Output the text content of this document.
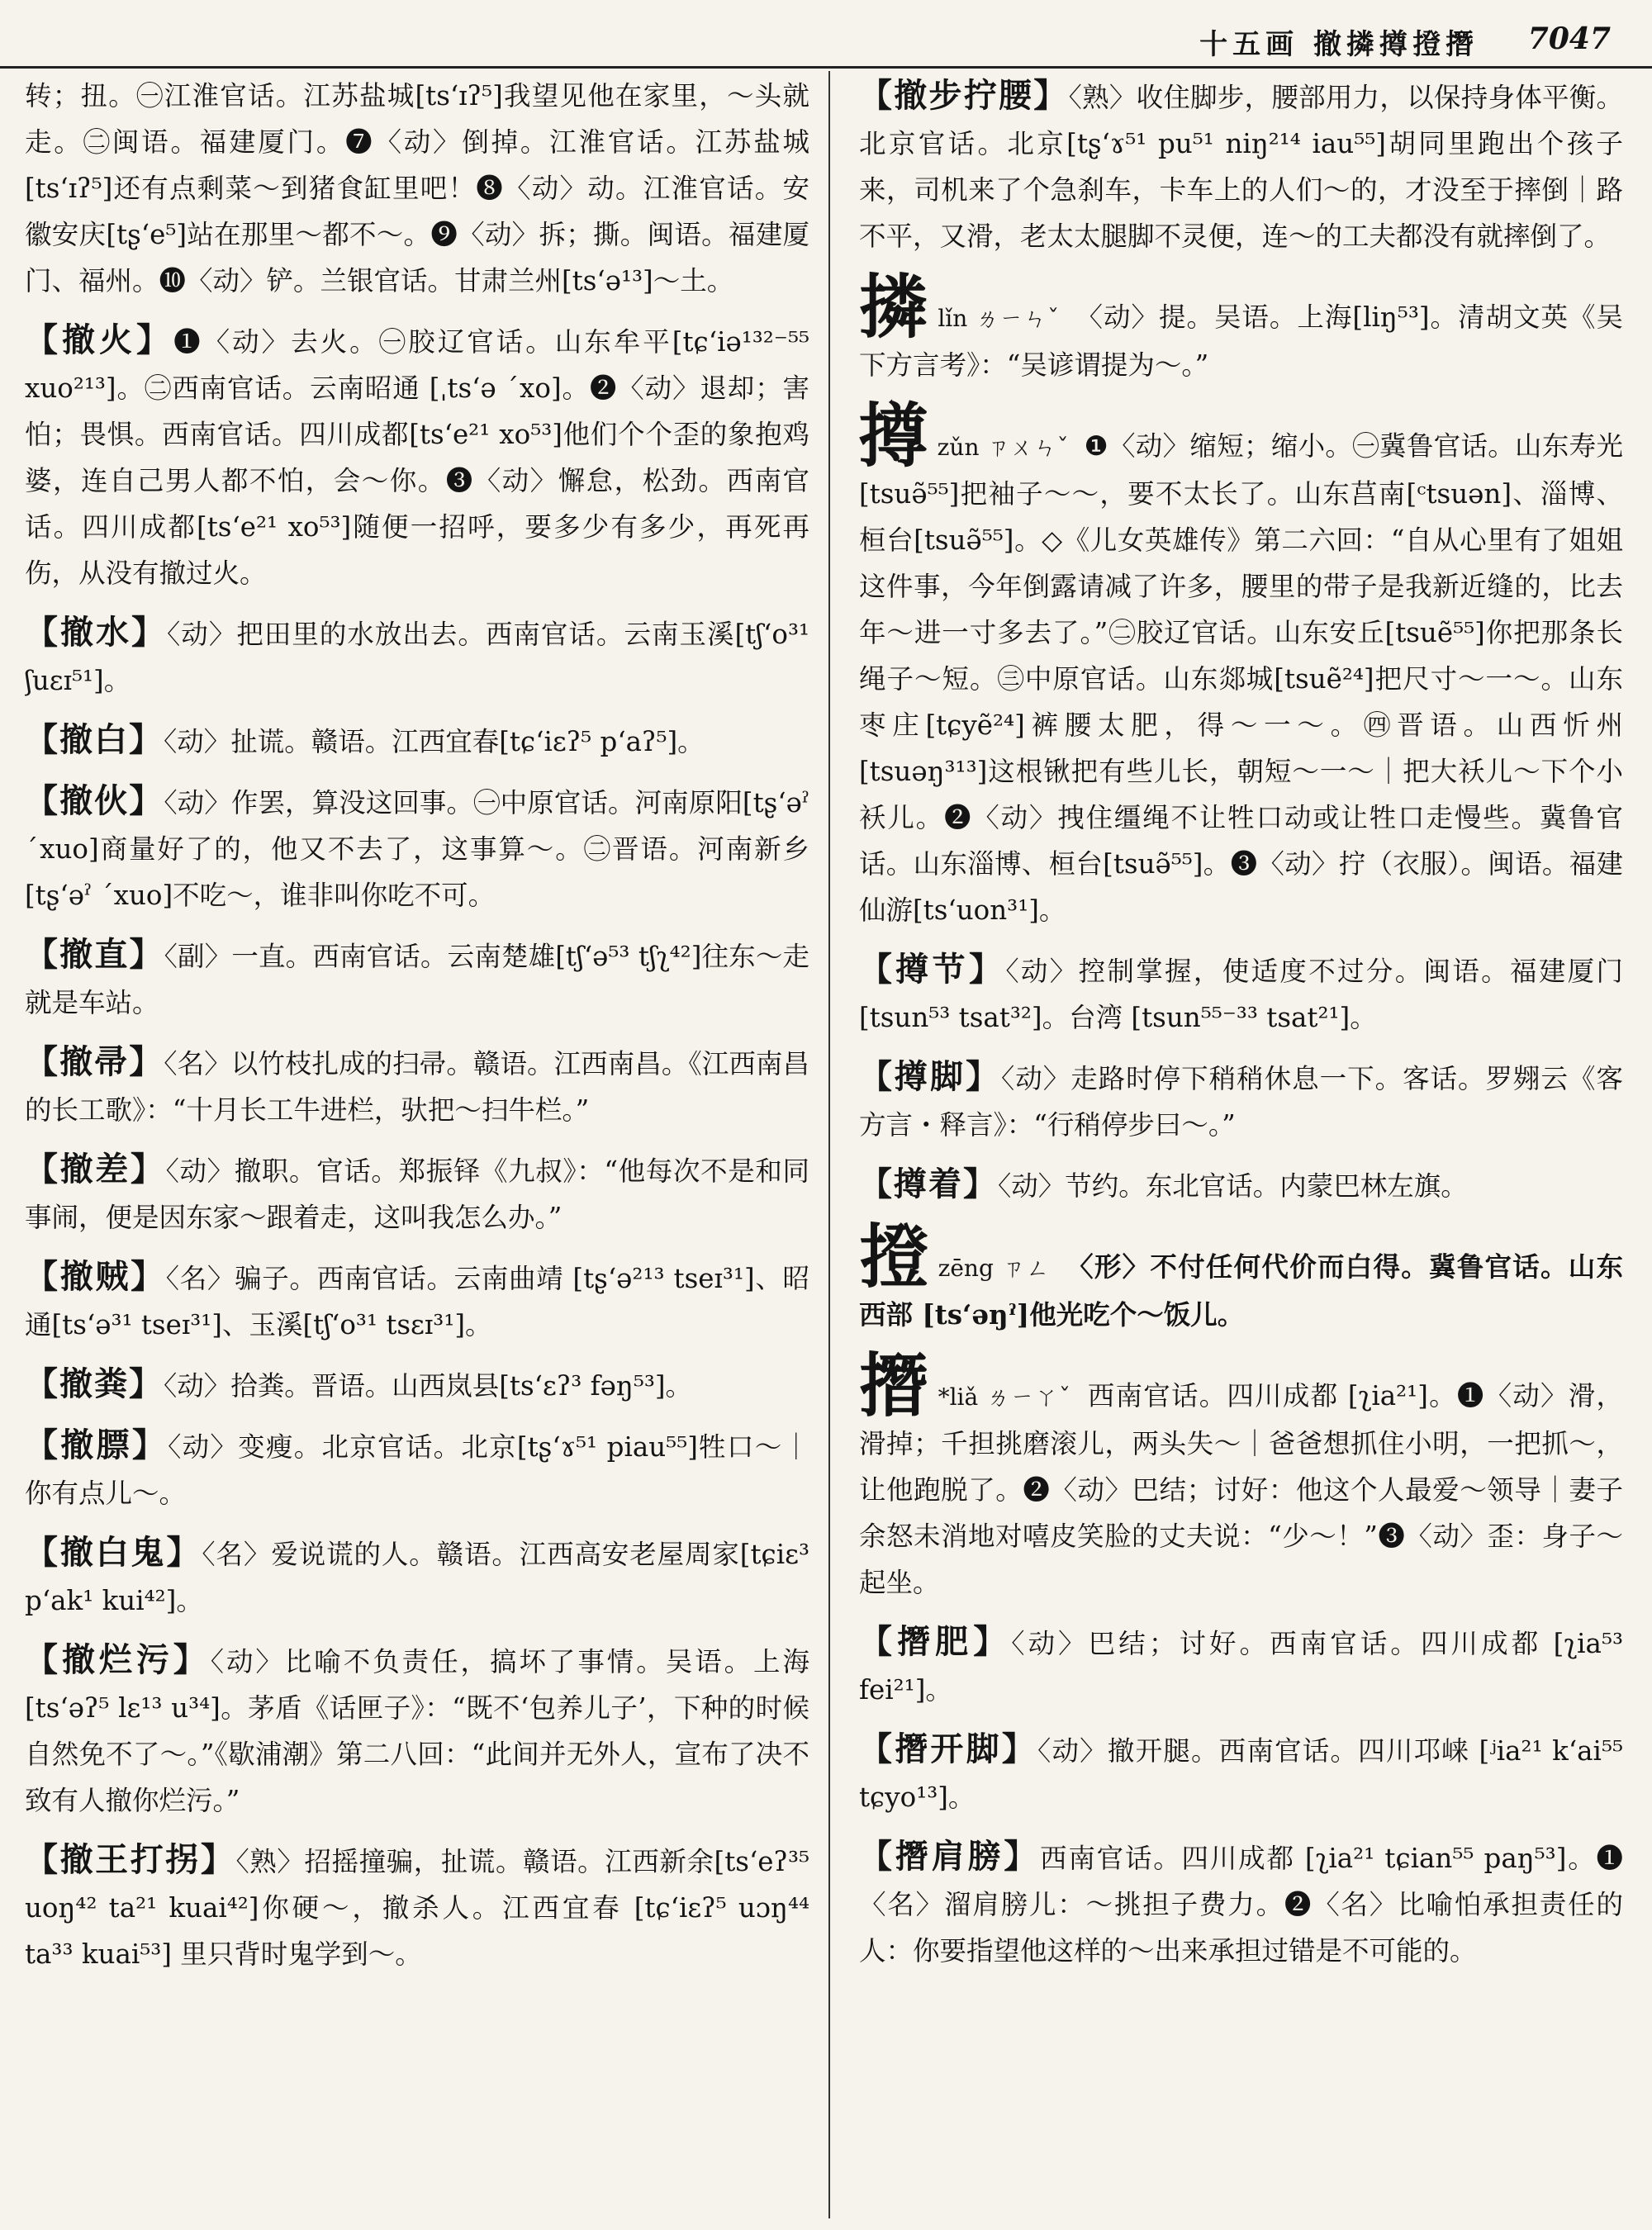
十五画 撤撛撙撜撍 7047
转；扭。㊀江淮官话。江苏盐城[tsʻɪʔ⁵]我望见他在家里，～头就走。㊁闽语。福建厦门。❼〈动〉倒掉。江淮官话。江苏盐城[tsʻɪʔ⁵]还有点剩菜～到猪食缸里吧！❽〈动〉动。江淮官话。安徽安庆[tʂʻe⁵]站在那里～都不～。❾〈动〉拆；撕。闽语。福建厦门、福州。❿〈动〉铲。兰银官话。甘肃兰州[tsʻə¹³]～土。
【撤火】❶〈动〉去火。㊀胶辽官话。山东牟平[tɕʻiə¹³²⁻⁵⁵ xuo²¹³]。㊁西南官话。云南昭通 [ˌtsʻə ˊxo]。❷〈动〉退却；害怕；畏惧。西南官话。四川成都[tsʻe²¹ xo⁵³]他们个个歪的象抱鸡婆，连自己男人都不怕，会～你。❸〈动〉懈怠，松劲。西南官话。四川成都[tsʻe²¹ xo⁵³]随便一招呼，要多少有多少，再死再伤，从没有撤过火。
【撤水】〈动〉把田里的水放出去。西南官话。云南玉溪[tʃʻo³¹ ʃuɛɪ⁵¹]。
【撤白】〈动〉扯谎。赣语。江西宜春[tɕʻiɛʔ⁵ pʻaʔ⁵]。
【撤伙】〈动〉作罢，算没这回事。㊀中原官话。河南原阳[tʂʻəˀ ˊxuo]商量好了的，他又不去了，这事算～。㊁晋语。河南新乡[tʂʻəˀ ˊxuo]不吃～，谁非叫你吃不可。
【撤直】〈副〉一直。西南官话。云南楚雄[tʃʻə⁵³ tʃʅ⁴²]往东～走就是车站。
【撤帚】〈名〉以竹枝扎成的扫帚。赣语。江西南昌。《江西南昌的长工歌》：“十月长工牛进栏，驮把～扫牛栏。”
【撤差】〈动〉撤职。官话。郑振铎《九叔》：“他每次不是和同事闹，便是因东家～跟着走，这叫我怎么办。”
【撤贼】〈名〉骗子。西南官话。云南曲靖 [tʂʻə²¹³ tseɪ³¹]、昭通[tsʻə³¹ tseɪ³¹]、玉溪[tʃʻo³¹ tsɛɪ³¹]。
【撤粪】〈动〉拾粪。晋语。山西岚县[tsʻɛʔ³ fəŋ⁵³]。
【撤膘】〈动〉变瘦。北京官话。北京[tʂʻɤ⁵¹ piau⁵⁵]牲口～｜你有点儿～。
【撤白鬼】〈名〉爱说谎的人。赣语。江西高安老屋周家[tɕiɛ³ pʻak¹ kui⁴²]。
【撤烂污】〈动〉比喻不负责任，搞坏了事情。吴语。上海 [tsʻəʔ⁵ lɛ¹³ u³⁴]。茅盾《话匣子》：“既不‘包养儿子’，下种的时候自然免不了～。”《歇浦潮》第二八回：“此间并无外人，宣布了决不致有人撤你烂污。”
【撤王打拐】〈熟〉招摇撞骗，扯谎。赣语。江西新余[tsʻeʔ³⁵ uoŋ⁴² ta²¹ kuai⁴²]你硬～，撤杀人。江西宜春 [tɕʻiɛʔ⁵ uɔŋ⁴⁴ ta³³ kuai⁵³] 里只背时鬼学到～。
【撤步拧腰】〈熟〉收住脚步，腰部用力，以保持身体平衡。北京官话。北京[tʂʻɤ⁵¹ pu⁵¹ niŋ²¹⁴ iau⁵⁵]胡同里跑出个孩子来，司机来了个急刹车，卡车上的人们～的，才没至于摔倒｜路不平，又滑，老太太腿脚不灵便，连～的工夫都没有就摔倒了。
撛 lǐn ㄌㄧㄣˇ 〈动〉提。吴语。上海[liŋ⁵³]。清胡文英《吴下方言考》：“吴谚谓提为～。”
撙 zǔn ㄗㄨㄣˇ ❶〈动〉缩短；缩小。㊀冀鲁官话。山东寿光[tsuə̃⁵⁵]把袖子～～，要不太长了。山东莒南[ᶜtsuən]、淄博、桓台[tsuə̃⁵⁵]。◇《儿女英雄传》第二六回：“自从心里有了姐姐这件事，今年倒露请减了许多，腰里的带子是我新近缝的，比去年～进一寸多去了。”㊁胶辽官话。山东安丘[tsuẽ⁵⁵]你把那条长绳子～短。㊂中原官话。山东郯城[tsuẽ²⁴]把尺寸～一～。山东枣庄[tɕyẽ²⁴]裤腰太肥，得～一～。㊃晋语。山西忻州[tsuəŋ³¹³]这根锹把有些儿长，朝短～一～｜把大袄儿～下个小袄儿。❷〈动〉拽住缰绳不让牲口动或让牲口走慢些。冀鲁官话。山东淄博、桓台[tsuə̃⁵⁵]。❸〈动〉拧（衣服）。闽语。福建仙游[tsʻuon³¹]。
【撙节】〈动〉控制掌握，使适度不过分。闽语。福建厦门 [tsun⁵³ tsat³²]。台湾 [tsun⁵⁵⁻³³ tsat²¹]。
【撙脚】〈动〉走路时停下稍稍休息一下。客话。罗翙云《客方言・释言》：“行稍停步曰～。”
【撙着】〈动〉节约。东北官话。内蒙巴林左旗。
撜 zēng ㄗㄥ 〈形〉不付任何代价而白得。冀鲁官话。山东西部 [tsʻəŋˀ]他光吃个～饭儿。
撍 *liǎ ㄌㄧㄚˇ 西南官话。四川成都 [ʅia²¹]。❶〈动〉滑，滑掉；千担挑磨滚儿，两头失～｜爸爸想抓住小明，一把抓～，让他跑脱了。❷〈动〉巴结；讨好：他这个人最爱～领导｜妻子余怒未消地对嘻皮笑脸的丈夫说：“少～！”❸〈动〉歪：身子～起坐。
【撍肥】〈动〉巴结；讨好。西南官话。四川成都 [ʅia⁵³ fei²¹]。
【撍开脚】〈动〉撤开腿。西南官话。四川邛崃 [ʲia²¹ kʻai⁵⁵ tɕyo¹³]。
【撍肩膀】西南官话。四川成都 [ʅia²¹ tɕian⁵⁵ paŋ⁵³]。❶〈名〉溜肩膀儿：～挑担子费力。❷〈名〉比喻怕承担责任的人：你要指望他这样的～出来承担过错是不可能的。
